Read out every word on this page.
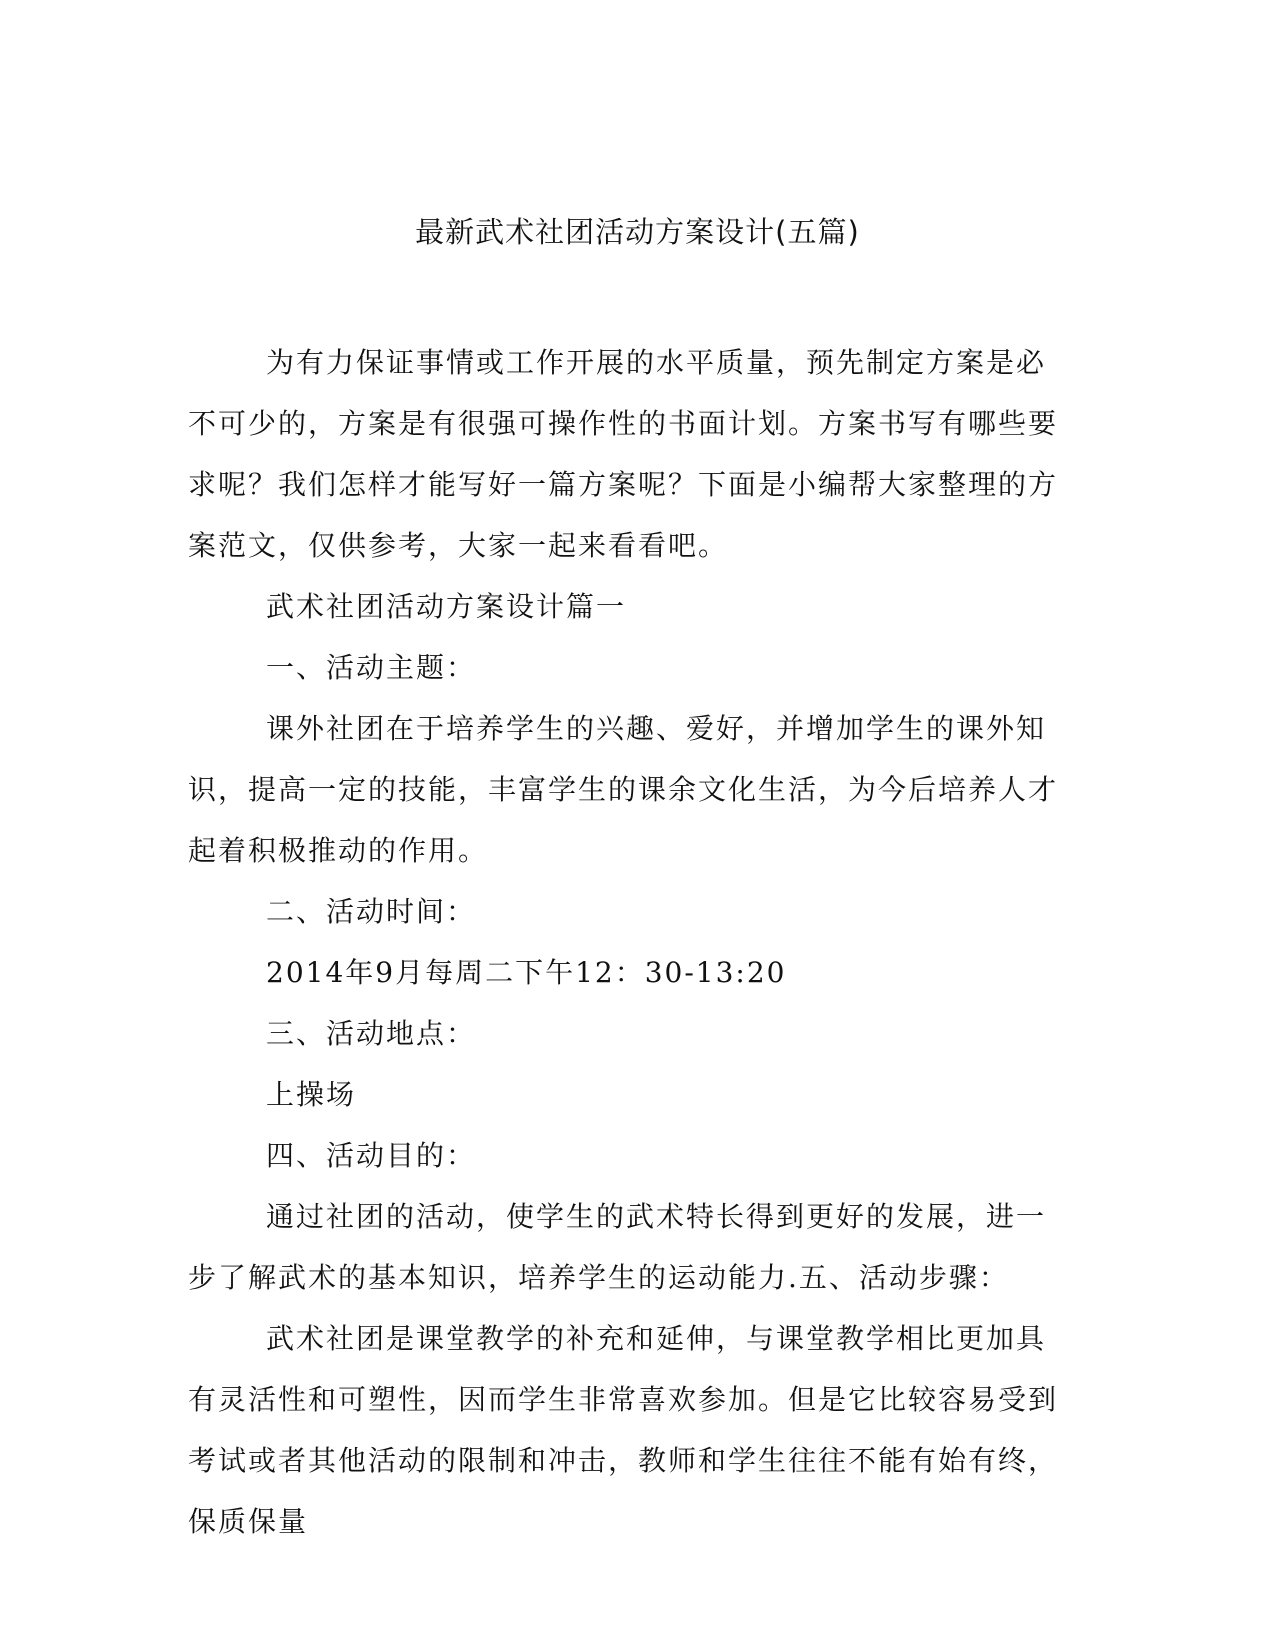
最新武术社团活动方案设计(五篇)

为有力保证事情或工作开展的水平质量，预先制定方案是必不可少的，方案是有很强可操作性的书面计划。方案书写有哪些要求呢？我们怎样才能写好一篇方案呢？下面是小编帮大家整理的方案范文，仅供参考，大家一起来看看吧。

武术社团活动方案设计篇一

一、活动主题：

课外社团在于培养学生的兴趣、爱好，并增加学生的课外知识，提高一定的技能，丰富学生的课余文化生活，为今后培养人才起着积极推动的作用。

二、活动时间：

2014年9月每周二下午12：30-13:20

三、活动地点：

上操场

四、活动目的：

通过社团的活动，使学生的武术特长得到更好的发展，进一步了解武术的基本知识，培养学生的运动能力.五、活动步骤：

武术社团是课堂教学的补充和延伸，与课堂教学相比更加具有灵活性和可塑性，因而学生非常喜欢参加。但是它比较容易受到考试或者其他活动的限制和冲击，教师和学生往往不能有始有终，保质保量
